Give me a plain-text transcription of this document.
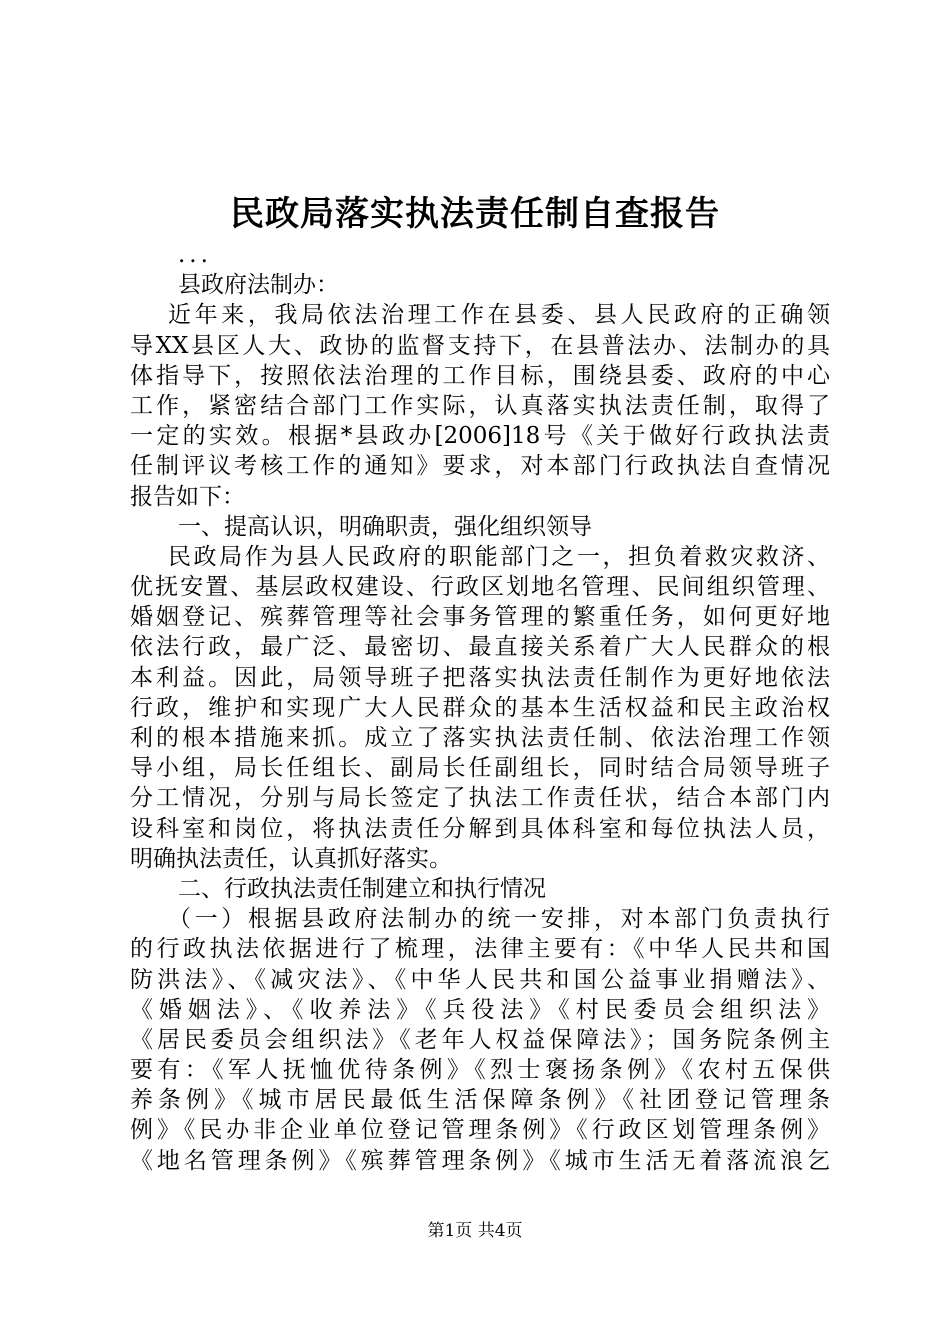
民政局落实执法责任制自查报告
...
县政府法制办：
近年来，我局依法治理工作在县委、县人民政府的正确领
导XX县区人大、政协的监督支持下，在县普法办、法制办的具
体指导下，按照依法治理的工作目标，围绕县委、政府的中心
工作，紧密结合部门工作实际，认真落实执法责任制，取得了
一定的实效。根据*县政办[2006]18号《关于做好行政执法责
任制评议考核工作的通知》要求，对本部门行政执法自查情况
报告如下：
一、提高认识，明确职责，强化组织领导
民政局作为县人民政府的职能部门之一，担负着救灾救济、
优抚安置、基层政权建设、行政区划地名管理、民间组织管理、
婚姻登记、殡葬管理等社会事务管理的繁重任务，如何更好地
依法行政，最广泛、最密切、最直接关系着广大人民群众的根
本利益。因此，局领导班子把落实执法责任制作为更好地依法
行政，维护和实现广大人民群众的基本生活权益和民主政治权
利的根本措施来抓。成立了落实执法责任制、依法治理工作领
导小组，局长任组长、副局长任副组长，同时结合局领导班子
分工情况，分别与局长签定了执法工作责任状，结合本部门内
设科室和岗位，将执法责任分解到具体科室和每位执法人员，
明确执法责任，认真抓好落实。
二、行政执法责任制建立和执行情况
（一）根据县政府法制办的统一安排，对本部门负责执行
的行政执法依据进行了梳理，法律主要有：《中华人民共和国
防洪法》、《减灾法》、《中华人民共和国公益事业捐赠法》、
《婚姻法》、《收养法》《兵役法》《村民委员会组织法》
《居民委员会组织法》《老年人权益保障法》；国务院条例主
要有：《军人抚恤优待条例》《烈士褒扬条例》《农村五保供
养条例》《城市居民最低生活保障条例》《社团登记管理条
例》《民办非企业单位登记管理条例》《行政区划管理条例》
《地名管理条例》《殡葬管理条例》《城市生活无着落流浪乞
第1页 共4页
